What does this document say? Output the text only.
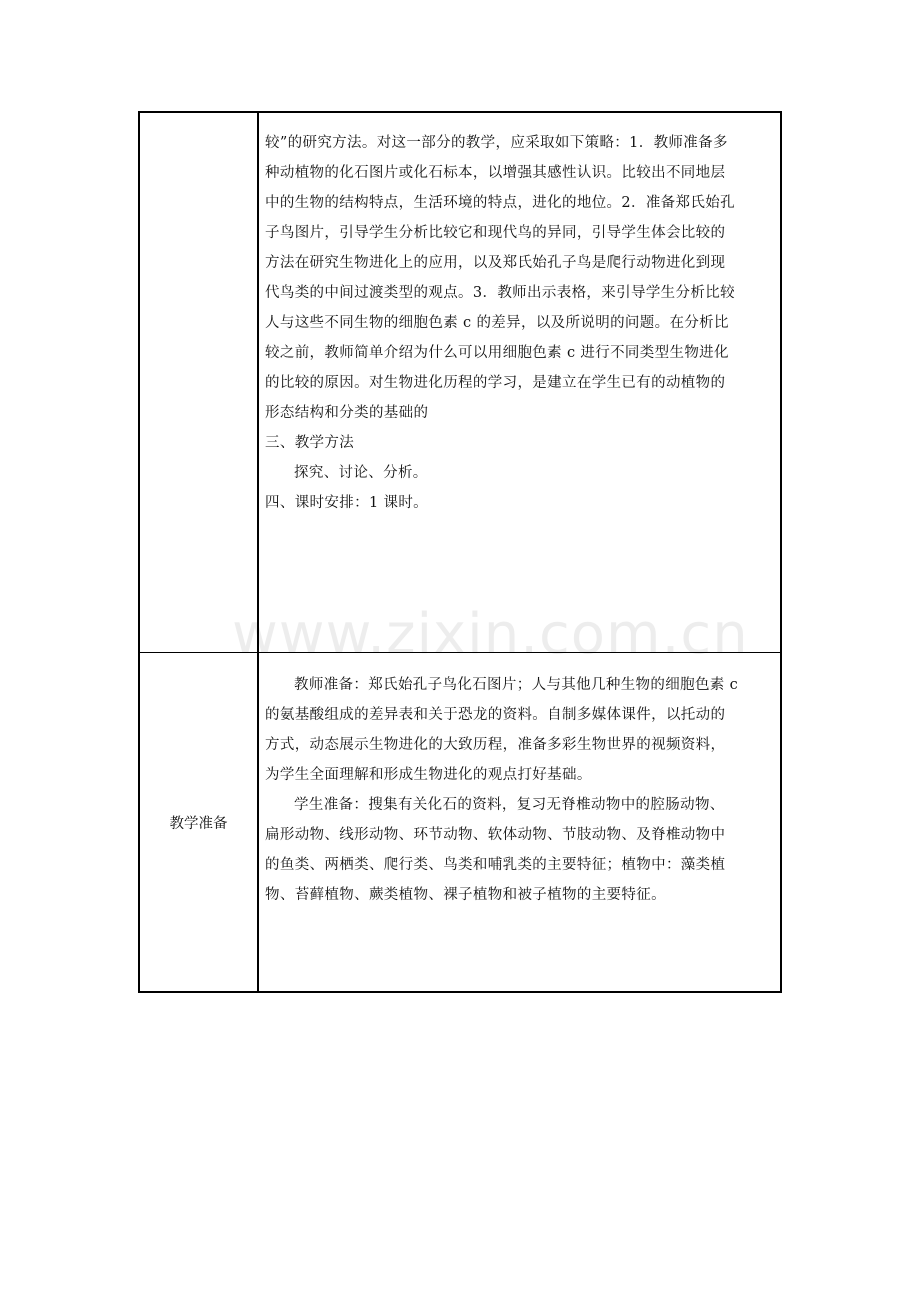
较”的研究方法。对这一部分的教学，应采取如下策略：1．教师准备多
种动植物的化石图片或化石标本，以增强其感性认识。比较出不同地层
中的生物的结构特点，生活环境的特点，进化的地位。2．准备郑氏始孔
子鸟图片，引导学生分析比较它和现代鸟的异同，引导学生体会比较的
方法在研究生物进化上的应用，以及郑氏始孔子鸟是爬行动物进化到现
代鸟类的中间过渡类型的观点。3．教师出示表格，来引导学生分析比较
人与这些不同生物的细胞色素 c 的差异，以及所说明的问题。在分析比
较之前，教师简单介绍为什么可以用细胞色素 c 进行不同类型生物进化
的比较的原因。对生物进化历程的学习，是建立在学生已有的动植物的
形态结构和分类的基础的
三、教学方法
探究、讨论、分析。
四、课时安排：1 课时。
教学准备
教师准备：郑氏始孔子鸟化石图片；人与其他几种生物的细胞色素 c
的氨基酸组成的差异表和关于恐龙的资料。自制多媒体课件，以托动的
方式，动态展示生物进化的大致历程，准备多彩生物世界的视频资料，
为学生全面理解和形成生物进化的观点打好基础。
学生准备：搜集有关化石的资料，复习无脊椎动物中的腔肠动物、
扁形动物、线形动物、环节动物、软体动物、节肢动物、及脊椎动物中
的鱼类、两栖类、爬行类、鸟类和哺乳类的主要特征；植物中：藻类植
物、苔藓植物、蕨类植物、裸子植物和被子植物的主要特征。
www.zixin.com.cn
